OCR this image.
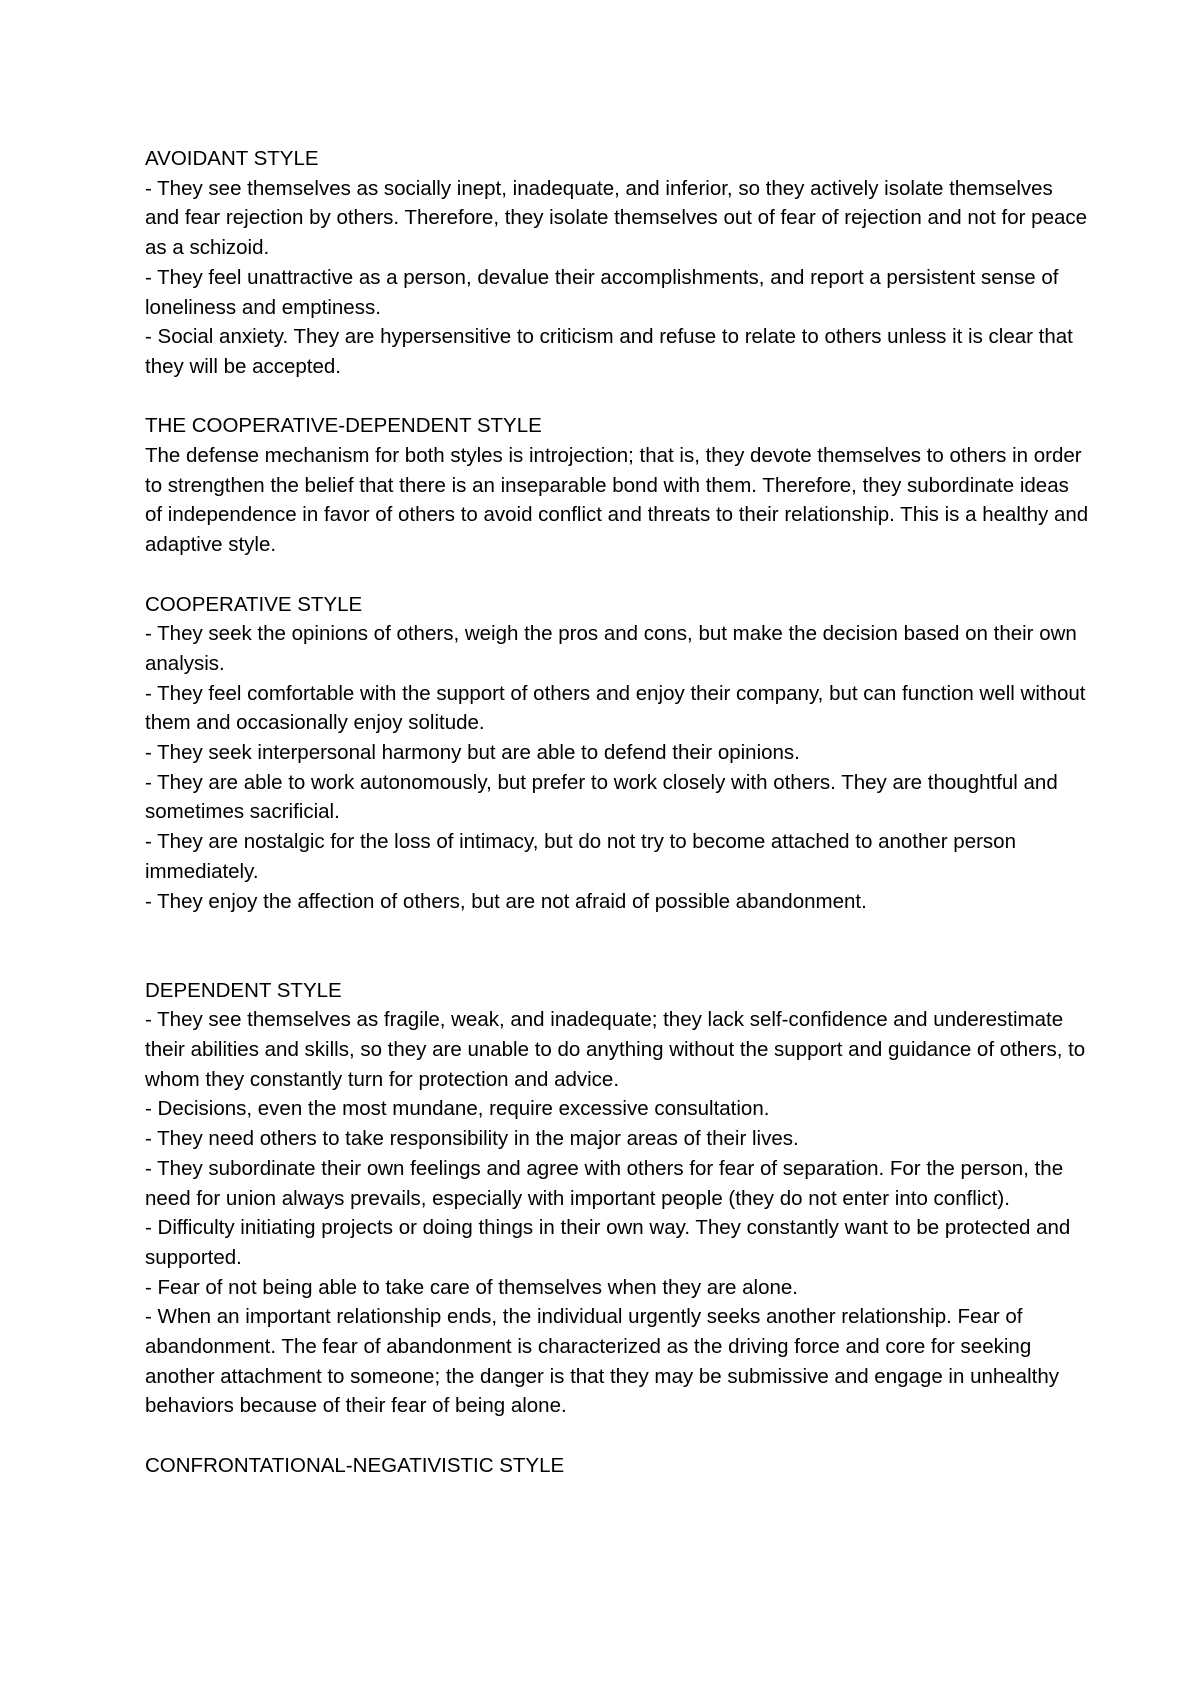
AVOIDANT STYLE

- They see themselves as socially inept, inadequate, and inferior, so they actively isolate themselves and fear rejection by others. Therefore, they isolate themselves out of fear of rejection and not for peace as a schizoid.

- They feel unattractive as a person, devalue their accomplishments, and report a persistent sense of loneliness and emptiness.

- Social anxiety. They are hypersensitive to criticism and refuse to relate to others unless it is clear that they will be accepted.

THE COOPERATIVE-DEPENDENT STYLE

The defense mechanism for both styles is introjection; that is, they devote themselves to others in order to strengthen the belief that there is an inseparable bond with them. Therefore, they subordinate ideas of independence in favor of others to avoid conflict and threats to their relationship. This is a healthy and adaptive style.

COOPERATIVE STYLE

- They seek the opinions of others, weigh the pros and cons, but make the decision based on their own analysis.

- They feel comfortable with the support of others and enjoy their company, but can function well without them and occasionally enjoy solitude.

- They seek interpersonal harmony but are able to defend their opinions.

- They are able to work autonomously, but prefer to work closely with others. They are thoughtful and sometimes sacrificial.

- They are nostalgic for the loss of intimacy, but do not try to become attached to another person immediately.

- They enjoy the affection of others, but are not afraid of possible abandonment.

DEPENDENT STYLE

- They see themselves as fragile, weak, and inadequate; they lack self-confidence and underestimate their abilities and skills, so they are unable to do anything without the support and guidance of others, to whom they constantly turn for protection and advice.

- Decisions, even the most mundane, require excessive consultation.

- They need others to take responsibility in the major areas of their lives.

- They subordinate their own feelings and agree with others for fear of separation. For the person, the need for union always prevails, especially with important people (they do not enter into conflict).

- Difficulty initiating projects or doing things in their own way. They constantly want to be protected and supported.

- Fear of not being able to take care of themselves when they are alone.

- When an important relationship ends, the individual urgently seeks another relationship. Fear of abandonment. The fear of abandonment is characterized as the driving force and core for seeking another attachment to someone; the danger is that they may be submissive and engage in unhealthy behaviors because of their fear of being alone.

CONFRONTATIONAL-NEGATIVISTIC STYLE
